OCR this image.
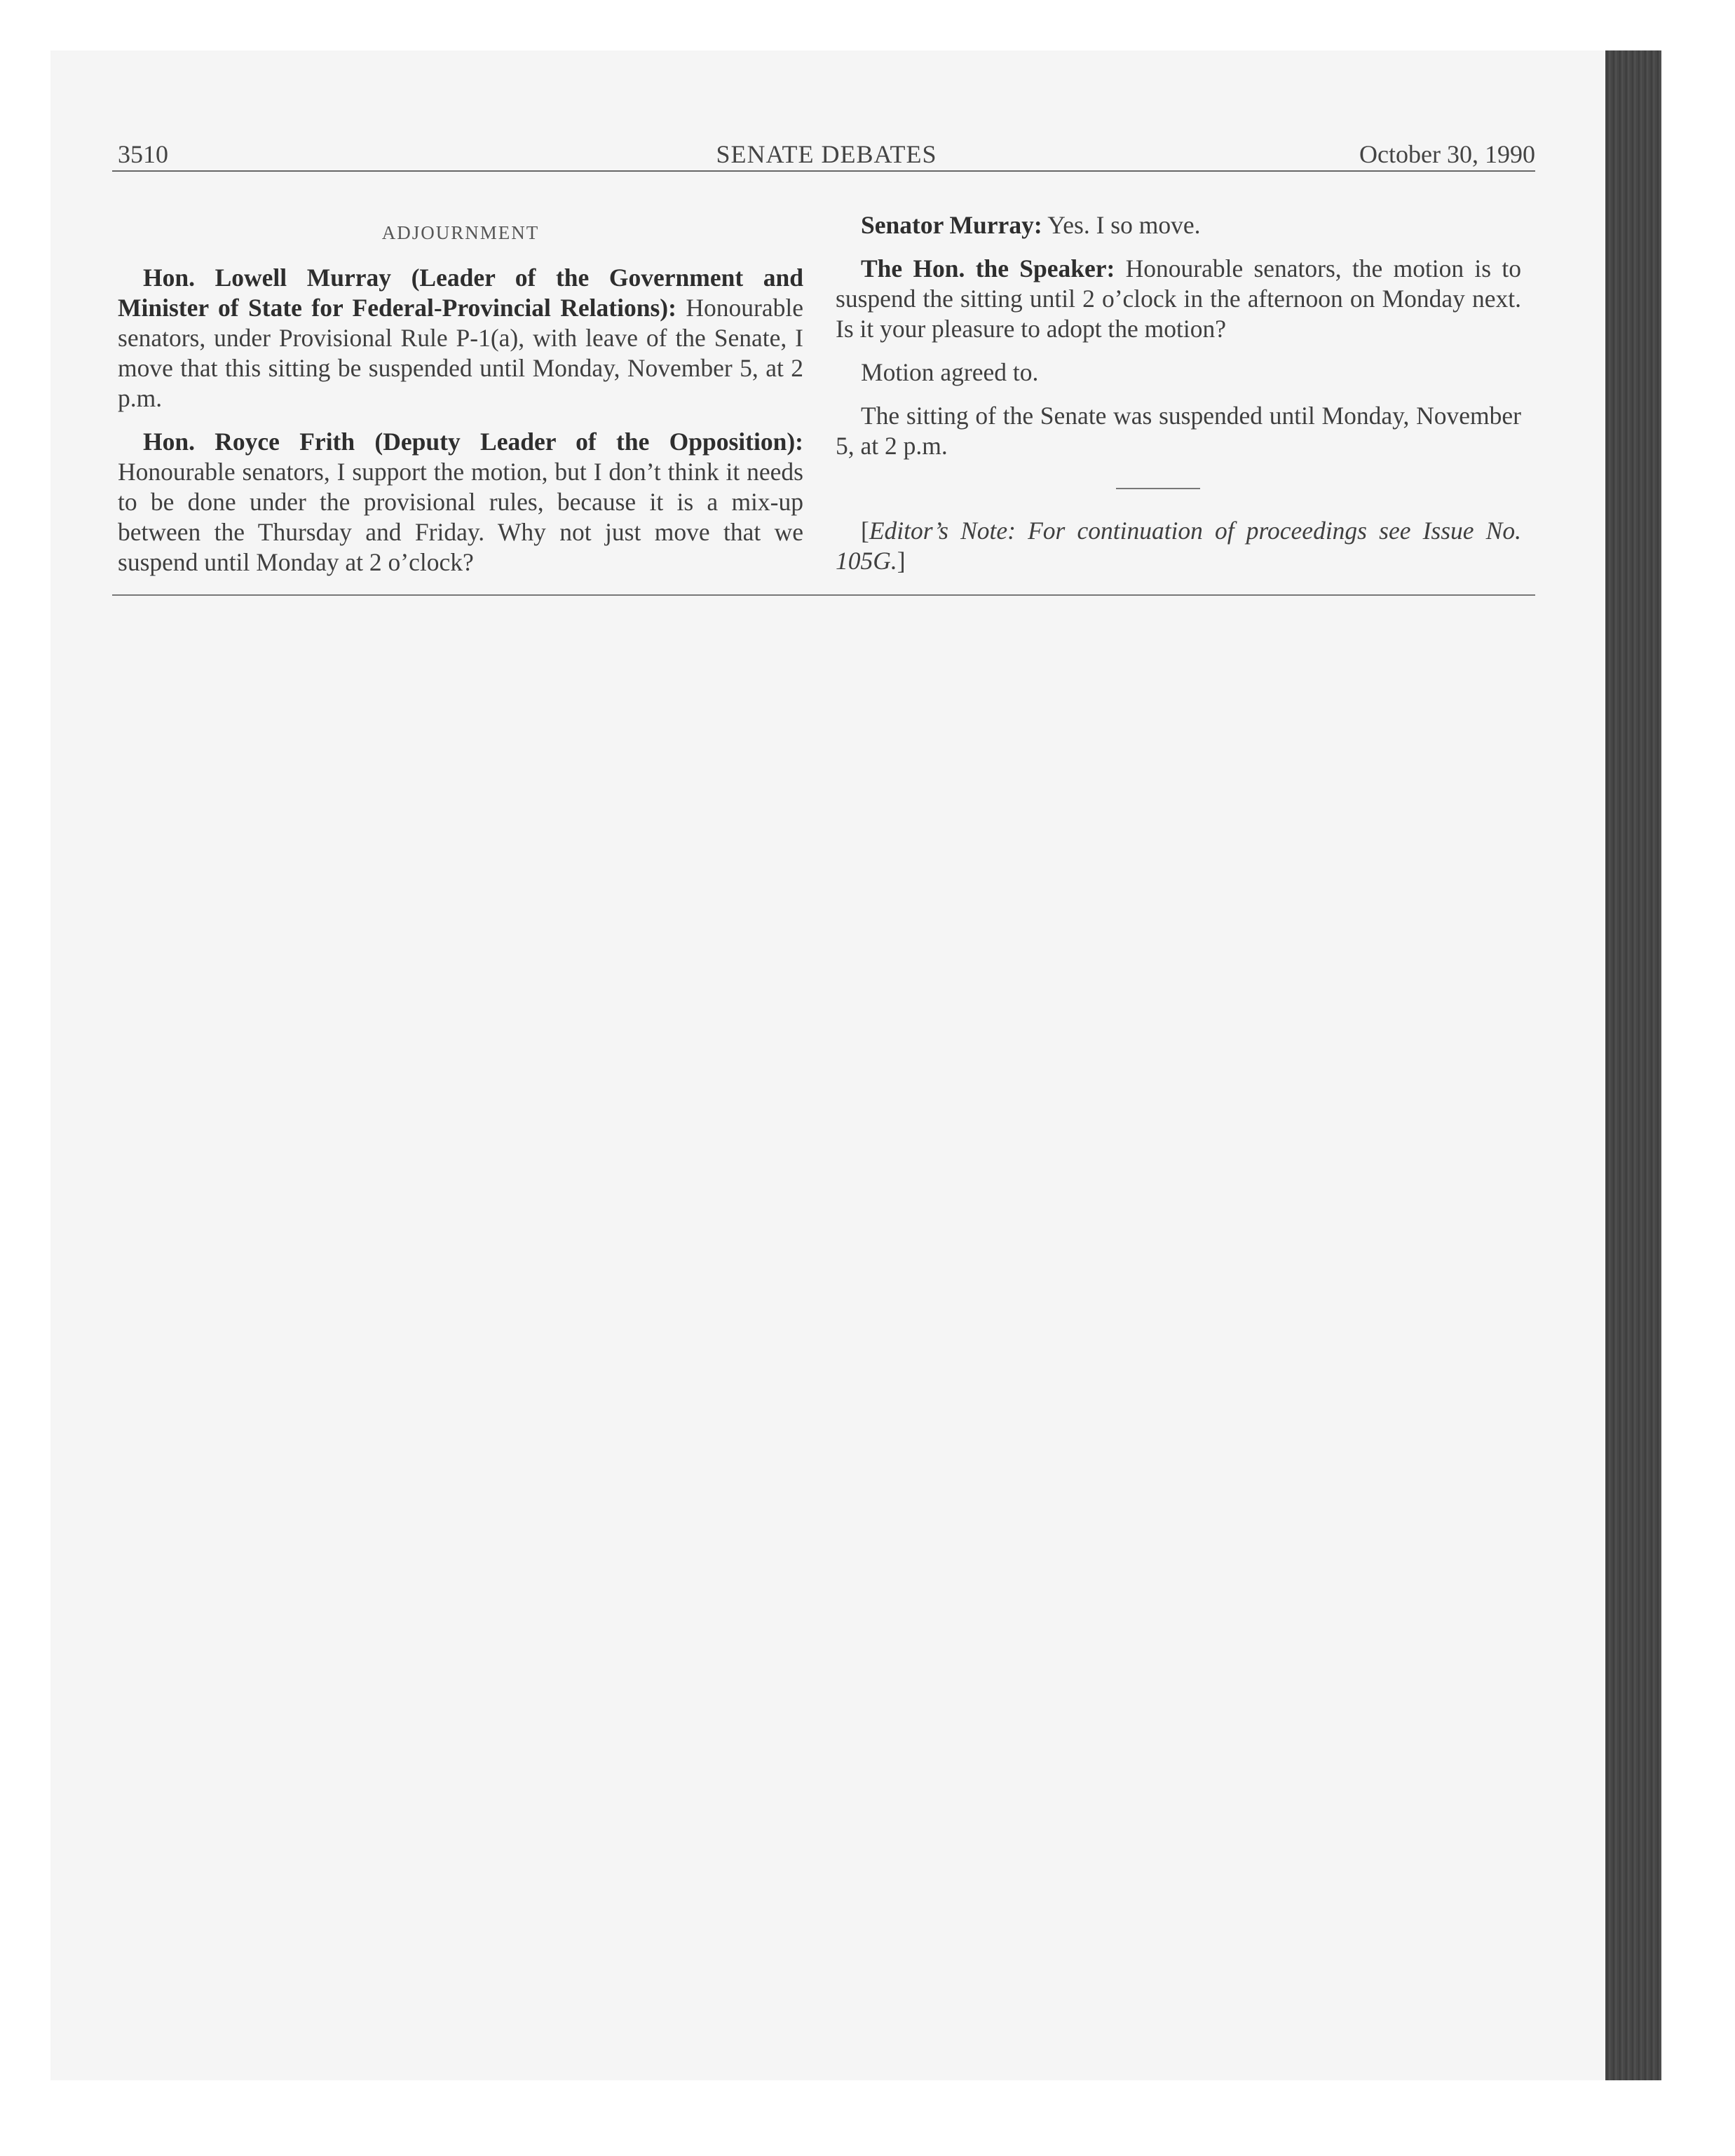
3510	SENATE DEBATES	October 30, 1990
ADJOURNMENT

Hon. Lowell Murray (Leader of the Government and Minister of State for Federal-Provincial Relations): Honourable senators, under Provisional Rule P-1(a), with leave of the Senate, I move that this sitting be suspended until Monday, November 5, at 2 p.m.

Hon. Royce Frith (Deputy Leader of the Opposition): Honourable senators, I support the motion, but I don’t think it needs to be done under the provisional rules, because it is a mix-up between the Thursday and Friday. Why not just move that we suspend until Monday at 2 o’clock?

Senator Murray: Yes. I so move.

The Hon. the Speaker: Honourable senators, the motion is to suspend the sitting until 2 o’clock in the afternoon on Monday next. Is it your pleasure to adopt the motion?

Motion agreed to.

The sitting of the Senate was suspended until Monday, November 5, at 2 p.m.

[Editor’s Note: For continuation of proceedings see Issue No. 105G.]
